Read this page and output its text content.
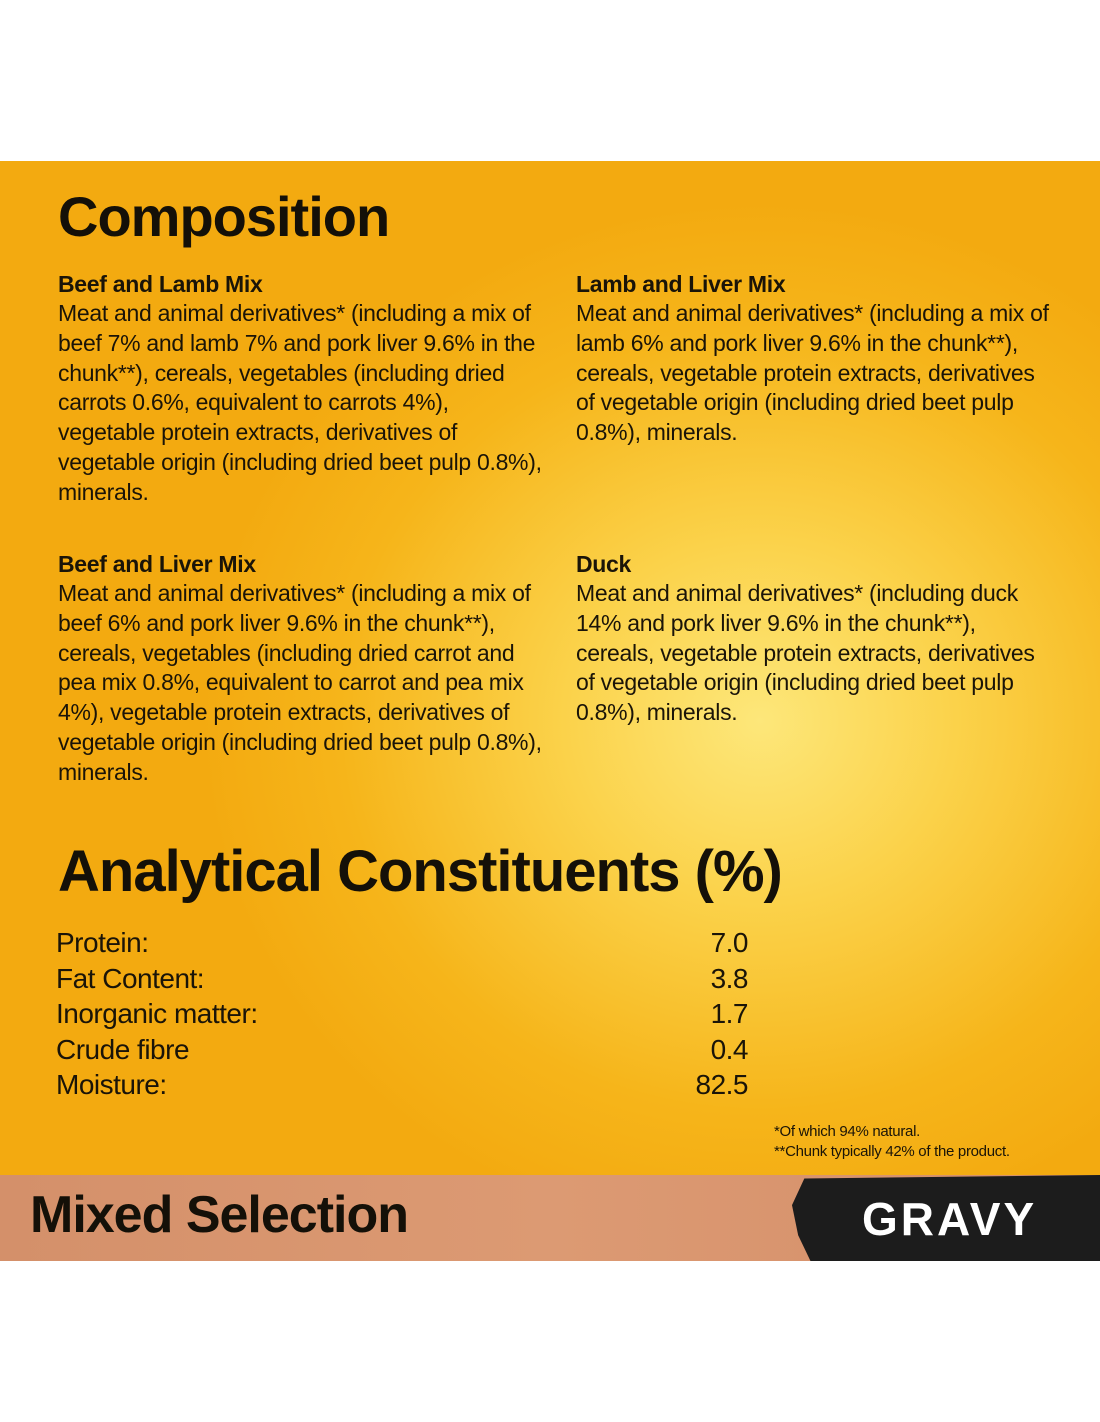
Composition
Beef and Lamb Mix
Meat and animal derivatives* (including a mix of beef 7% and lamb 7% and pork liver 9.6% in the chunk**), cereals, vegetables (including dried carrots 0.6%, equivalent to carrots 4%), vegetable protein extracts, derivatives of vegetable origin (including dried beet pulp 0.8%), minerals.
Lamb and Liver Mix
Meat and animal derivatives* (including a mix of lamb 6% and pork liver 9.6% in the chunk**), cereals, vegetable protein extracts, derivatives of vegetable origin (including dried beet pulp 0.8%), minerals.
Beef and Liver Mix
Meat and animal derivatives* (including a mix of beef 6% and pork liver 9.6% in the chunk**), cereals, vegetables (including dried carrot and pea mix 0.8%, equivalent to carrot and pea mix 4%), vegetable protein extracts, derivatives of vegetable origin (including dried beet pulp 0.8%), minerals.
Duck
Meat and animal derivatives* (including duck 14% and pork liver 9.6% in the chunk**), cereals, vegetable protein extracts, derivatives of vegetable origin (including dried beet pulp 0.8%), minerals.
Analytical Constituents (%)
Protein:	7.0
Fat Content:	3.8
Inorganic matter:	1.7
Crude fibre	0.4
Moisture:	82.5
*Of which 94% natural.
**Chunk typically 42% of the product.
Mixed Selection	GRAVY
